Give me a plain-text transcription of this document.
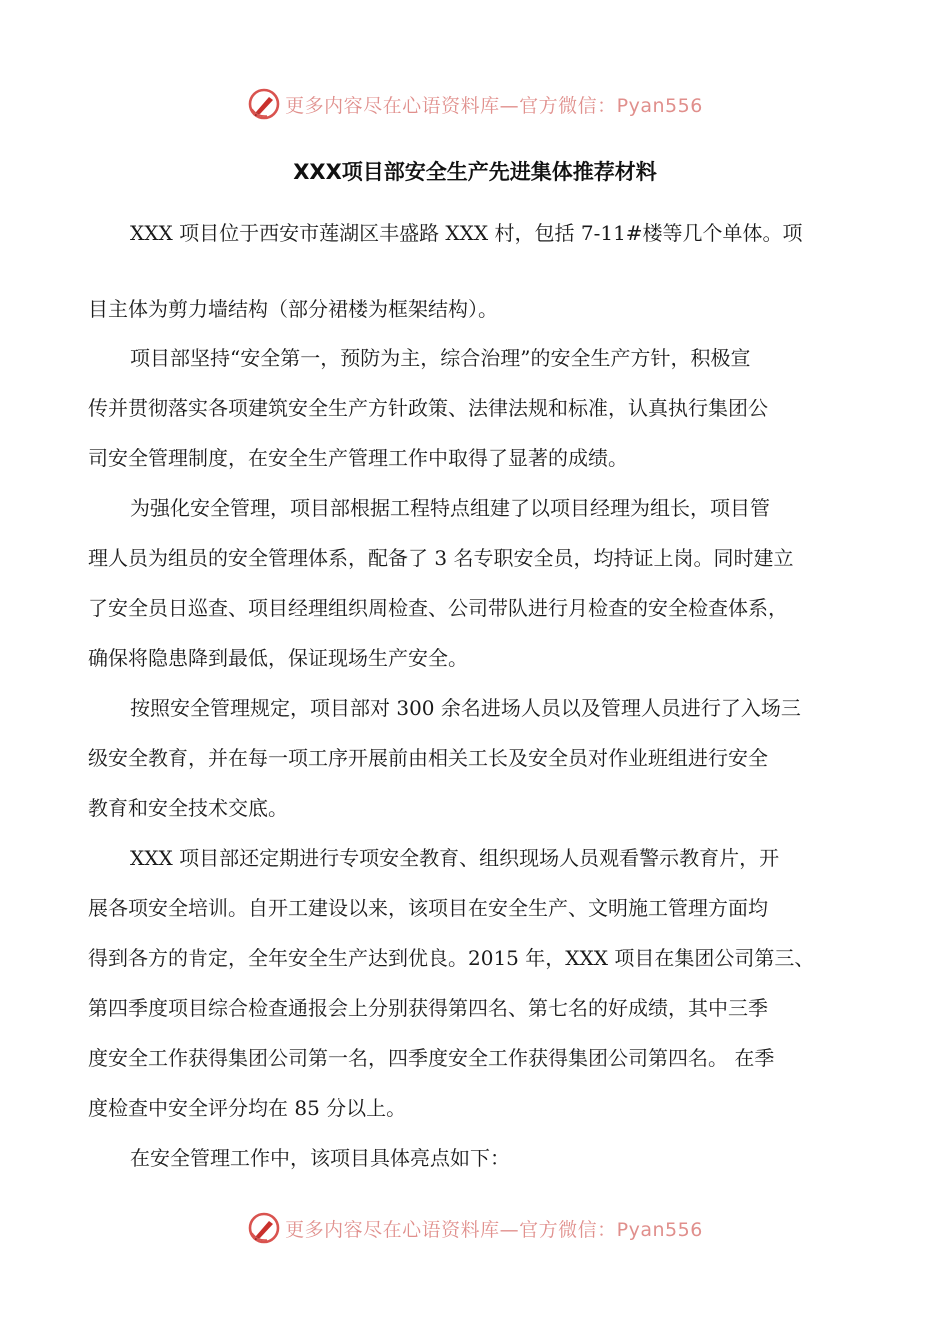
更多内容尽在心语资料库—官方微信：Pyan556
XXX项目部安全生产先进集体推荐材料

XXX 项目位于西安市莲湖区丰盛路 XXX 村，包括 7-11#楼等几个单体。项
目主体为剪力墙结构（部分裙楼为框架结构）。

项目部坚持“安全第一，预防为主，综合治理”的安全生产方针，积极宣
传并贯彻落实各项建筑安全生产方针政策、法律法规和标准，认真执行集团公
司安全管理制度，在安全生产管理工作中取得了显著的成绩。

为强化安全管理，项目部根据工程特点组建了以项目经理为组长，项目管
理人员为组员的安全管理体系，配备了 3 名专职安全员，均持证上岗。同时建立
了安全员日巡查、项目经理组织周检查、公司带队进行月检查的安全检查体系，
确保将隐患降到最低，保证现场生产安全。

按照安全管理规定，项目部对 300 余名进场人员以及管理人员进行了入场三
级安全教育，并在每一项工序开展前由相关工长及安全员对作业班组进行安全
教育和安全技术交底。

XXX 项目部还定期进行专项安全教育、组织现场人员观看警示教育片，开
展各项安全培训。自开工建设以来，该项目在安全生产、文明施工管理方面均
得到各方的肯定，全年安全生产达到优良。2015 年，XXX 项目在集团公司第三、
第四季度项目综合检查通报会上分别获得第四名、第七名的好成绩，其中三季
度安全工作获得集团公司第一名，四季度安全工作获得集团公司第四名。 在季
度检查中安全评分均在 85 分以上。

在安全管理工作中，该项目具体亮点如下：

更多内容尽在心语资料库—官方微信：Pyan556
